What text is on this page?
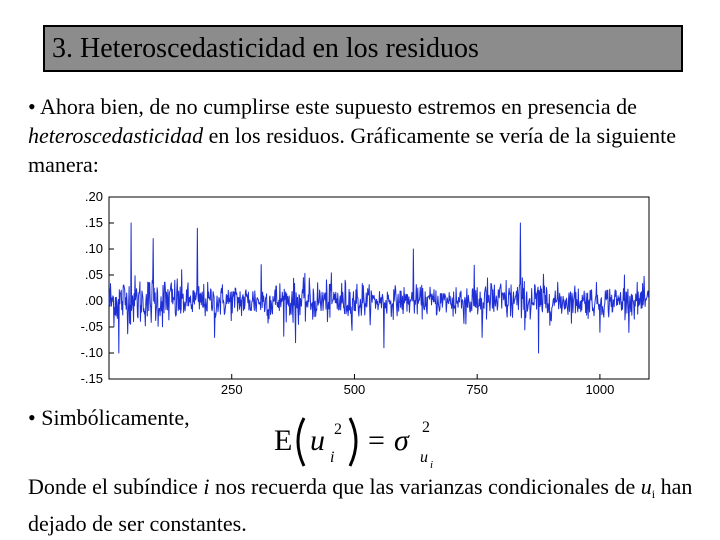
3. Heteroscedasticidad en los residuos
• Ahora bien, de no cumplirse este supuesto estremos en presencia de heteroscedasticidad en los residuos. Gráficamente se vería de la siguiente manera:
.20
.15
.10
.05
.00
-.05
-.10
-.15
250	500	750	1000
• Simbólicamente,
E u 2
i
= σ 2
u i
Donde el subíndice i nos recuerda que las varianzas condicionales de ui han dejado de ser constantes.
